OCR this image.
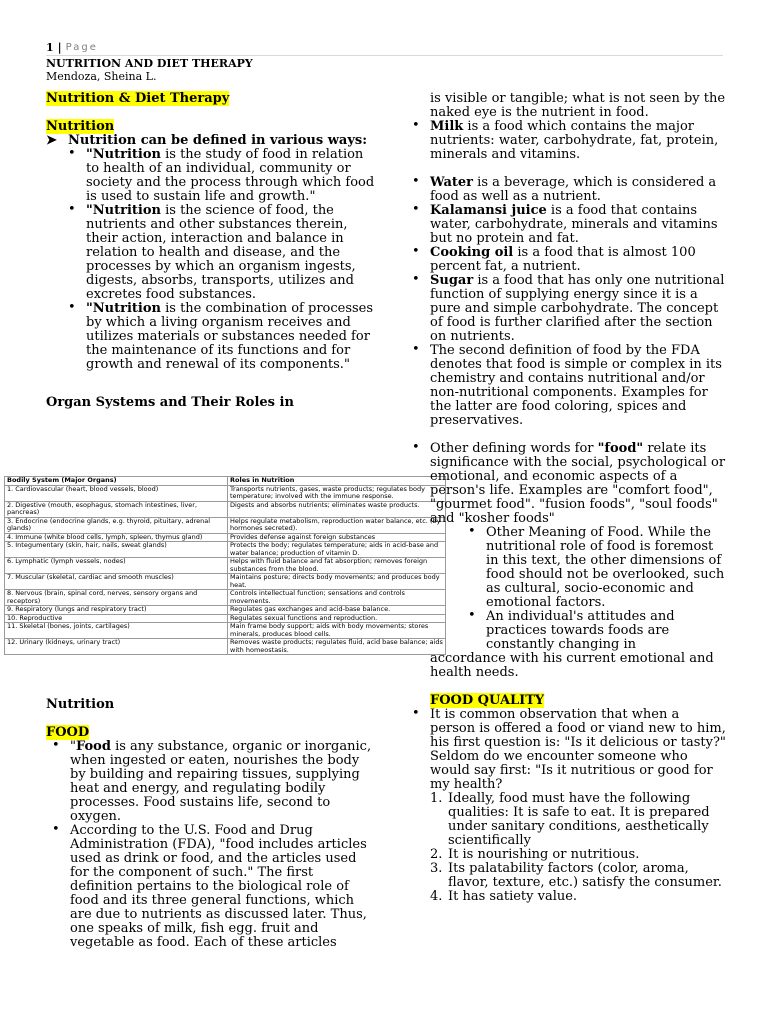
1 | Page
NUTRITION AND DIET THERAPY
Mendoza, Sheina L.

Nutrition & Diet Therapy

Nutrition

➤ Nutrition can be defined in various ways:
• "Nutrition is the study of food in relation to health of an individual, community or society and the process through which food is used to sustain life and growth."
• "Nutrition is the science of food, the nutrients and other substances therein, their action, interaction and balance in relation to health and disease, and the processes by which an organism ingests, digests, absorbs, transports, utilizes and excretes food substances.
• "Nutrition is the combination of processes by which a living organism receives and utilizes materials or substances needed for the maintenance of its functions and for growth and renewal of its components."

Organ Systems and Their Roles in

Bodily System (Major Organs)	Roles in Nutrition
1. Cardiovascular (heart, blood vessels, blood)	Transports nutrients, gases, waste products; regulates body temperature; involved with the immune response.
2. Digestive (mouth, esophagus, stomach intestines, liver, pancreas)	Digests and absorbs nutrients; eliminates waste products.
3. Endocrine (endocrine glands, e.g. thyroid, pituitary, adrenal glands)	Helps regulate metabolism, reproduction water balance, etc. (by hormones secreted).
4. Immune (white blood cells, lymph, spleen, thymus gland)	Provides defense against foreign substances
5. Integumentary (skin, hair, nails, sweat glands)	Protects the body; regulates temperature; aids in acid-base and water balance; production of vitamin D.
6. Lymphatic (lymph vessels, nodes)	Helps with fluid balance and fat absorption; removes foreign substances from the blood.
7. Muscular (skeletal, cardiac and smooth muscles)	Maintains posture; directs body movements; and produces body heat.
8. Nervous (brain, spinal cord, nerves, sensory organs and receptors)	Controls intellectual function; sensations and controls movements.
9. Respiratory (lungs and respiratory tract)	Regulates gas exchanges and acid-base balance.
10. Reproductive	Regulates sexual functions and reproduction.
11. Skeletal (bones, joints, cartilages)	Main frame body support; aids with body movements; stores minerals, produces blood cells.
12. Urinary (kidneys, urinary tract)	Removes waste products; regulates fluid, acid base balance; aids with homeostasis.

Nutrition

FOOD

• "Food is any substance, organic or inorganic, when ingested or eaten, nourishes the body by building and repairing tissues, supplying heat and energy, and regulating bodily processes. Food sustains life, second to oxygen.
• According to the U.S. Food and Drug Administration (FDA), "food includes articles used as drink or food, and the articles used for the component of such." The first definition pertains to the biological role of food and its three general functions, which are due to nutrients as discussed later. Thus, one speaks of milk, fish egg. fruit and vegetable as food. Each of these articles

is visible or tangible; what is not seen by the naked eye is the nutrient in food.

• Milk is a food which contains the major nutrients: water, carbohydrate, fat, protein, minerals and vitamins.
• Water is a beverage, which is considered a food as well as a nutrient.
• Kalamansi juice is a food that contains water, carbohydrate, minerals and vitamins but no protein and fat.
• Cooking oil is a food that is almost 100 percent fat, a nutrient.
• Sugar is a food that has only one nutritional function of supplying energy since it is a pure and simple carbohydrate. The concept of food is further clarified after the section on nutrients.
• The second definition of food by the FDA denotes that food is simple or complex in its chemistry and contains nutritional and/or non-nutritional components. Examples for the latter are food coloring, spices and preservatives.
• Other defining words for "food" relate its significance with the social, psychological or emotional, and economic aspects of a person's life. Examples are "comfort food", "gourmet food". "fusion foods", "soul foods" and "kosher foods"
• Other Meaning of Food. While the nutritional role of food is foremost in this text, the other dimensions of food should not be overlooked, such as cultural, socio-economic and emotional factors.
• An individual's attitudes and practices towards foods are constantly changing in

accordance with his current emotional and health needs.

FOOD QUALITY

• It is common observation that when a person is offered a food or viand new to him, his first question is: "Is it delicious or tasty?" Seldom do we encounter someone who would say first: "Is it nutritious or good for my health?
1. Ideally, food must have the following qualities: It is safe to eat. It is prepared under sanitary conditions, aesthetically scientifically
2. It is nourishing or nutritious.
3. Its palatability factors (color, aroma, flavor, texture, etc.) satisfy the consumer.
4. It has satiety value.
